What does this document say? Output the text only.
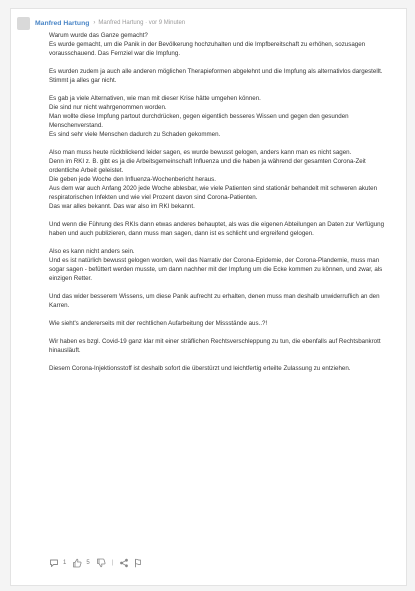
Manfred Hartung › Manfred Hartung · vor 9 Minuten

Warum wurde das Ganze gemacht?
Es wurde gemacht, um die Panik in der Bevölkerung hochzuhalten und die Impfbereitschaft zu erhöhen, sozusagen vorausschauend. Das Fernziel war die Impfung.

Es wurden zudem ja auch alle anderen möglichen Therapieformen abgelehnt und die Impfung als alternativlos dargestellt.
Stimmt ja alles gar nicht.

Es gab ja viele Alternativen, wie man mit dieser Krise hätte umgehen können.
Die sind nur nicht wahrgenommen worden.
Man wollte diese Impfung partout durchdrücken, gegen eigentlich besseres Wissen und gegen den gesunden Menschenverstand.
Es sind sehr viele Menschen dadurch zu Schaden gekommen.

Also man muss heute rückblickend leider sagen, es wurde bewusst gelogen, anders kann man es nicht sagen.
Denn im RKI z. B. gibt es ja die Arbeitsgemeinschaft Influenza und die haben ja während der gesamten Corona-Zeit ordentliche Arbeit geleistet.
Die geben jede Woche den Influenza-Wochenbericht heraus.
Aus dem war auch Anfang 2020 jede Woche ablesbar, wie viele Patienten sind stationär behandelt mit schweren akuten respiratorischen Infekten und wie viel Prozent davon sind Corona-Patienten.
Das war alles bekannt. Das war also im RKI bekannt.

Und wenn die Führung des RKIs dann etwas anderes behauptet, als was die eigenen Abteilungen an Daten zur Verfügung haben und auch publizieren, dann muss man sagen, dann ist es schlicht und ergreifend gelogen.

Also es kann nicht anders sein.
Und es ist natürlich bewusst gelogen worden, weil das Narrativ der Corona-Epidemie, der Corona-Plandemie, muss man sogar sagen - befüttert werden musste, um dann nachher mit der Impfung um die Ecke kommen zu können, und zwar, als einzigen Retter.

Und das wider besserem Wissens, um diese Panik aufrecht zu erhalten, denen muss man deshalb unwiderruflich an den Karren.

Wie sieht's andererseits mit der rechtlichen Aufarbeitung der Missstände aus..?!

Wir haben es bzgl. Covid-19 ganz klar mit einer sträflichen Rechtsverschleppung zu tun, die ebenfalls auf Rechtsbankrott hinausläuft.

Diesem Corona-Injektionsstoff ist deshalb sofort die überstürzt und leichtfertig erteilte Zulassung zu entziehen.

1	5	|
